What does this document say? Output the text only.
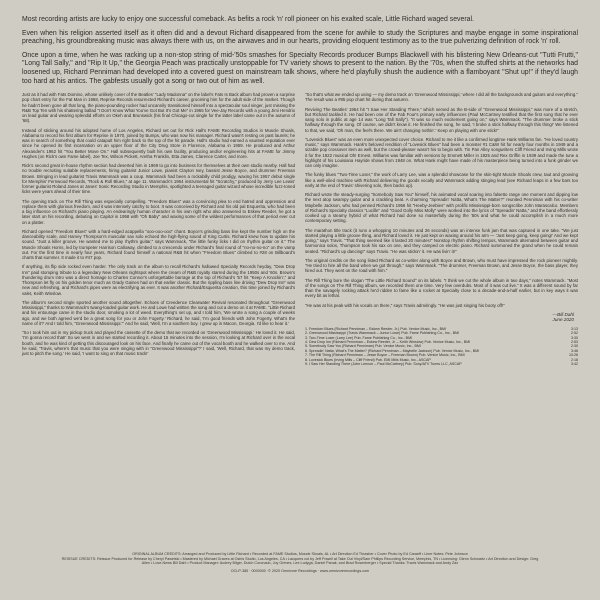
Most recording artists are lucky to enjoy one successful comeback. As befits a rock 'n' roll pioneer on his exalted scale, Little Richard waged several.

Even when his religion asserted itself as it often did and a devout Richard disappeared from the scene for awhile to study the Scriptures and maybe engage in some inspirational preaching, his groundbreaking music was always there with us, on the airwaves and in our hearts, providing eloquent testimony as to the true pulverizing definition of rock 'n' roll.

Once upon a time, when he was racking up a non-stop string of mid-'50s smashes for Specialty Records producer Bumps Blackwell with his blistering New Orleans-cut "Tutti Frutti," "Long Tall Sally," and "Rip It Up," the Georgia Peach was practically unstoppable for TV variety shows to present to the nation. By the '70s, when the stuffed shirts at the networks had loosened up, Richard Penniman had developed into a covered guest on mainstream talk shows, where he'd playfully shush the audience with a flamboyant "Shut up!" if they'd laugh too hard at his antics. The gabfests usually got a song or two out of him as well.

Just as it had with Fats Domino, whose unlikely cover of the Beatles' "Lady Madonna" on the label's Fats Is Back album had proven a surprise pop chart entry for the Fat Man in 1968, Reprise Records resurrected Richard's career, grooming him for the adult side of the market. Though he hadn't been gone all that long, the piano-pounding rocker had uncannily transitioned himself into a spectacular soul singer, just missing the R&B Top Ten with his shattering ballad "I Don't Know What You've Got But It's Got Me" in 1965 for Vee-Jay Records with a young Jimi Hendrix on lead guitar and wearing splendid efforts on Okeh and Brunswick (his final Chicago-cut single for the latter label came out in the autumn of '68).

Instead of sticking around his adopted home of Los Angeles, Richard set out for Rick Hall's FAME Recording Studios in Muscle Shoals, Alabama to record his first album for Reprise in 1970, joined by Bumps, who was now his manager. Richard wasn't resting on past laurels; he was in search of something that could catapult him right back to the top of the hit parade. Hall's studio had earned a vaunted reputation ever since he opened its first incarnation on an upper floor of the City Drug Store in Florence, Alabama in 1959. He produced and Arthur Alexander's 1962 hit "You Better Move On." Hall subsequently built his own facility, producing and/or engineering hits at FAME for Jimmy Hughes (on Rick's own Fame label), Joe Tex, Wilson Pickett, Aretha Franklin, Etta James, Clarence Carter, and more.

Rick's second great in-house rhythm section had deserted him in 1969 to go into business for themselves at their own studio nearby. Hall had no trouble recruiting suitable replacements, hiring guitarist Junior Lowe, pianist Clayton Ivey, bassist Jesse Boyce, and drummer Freeman Brown. Bringing in lead guitarist Travis Wammack was a coup. Wammack had been a rockabilly child prodigy, waxing his 1957 debut single for Memphis' Fernwood Records, "Rock & Roll Blues," at age 11. Wammack's 1964 instrumental hit "Scratchy," produced by Jerry Lee Lewis' former guitarist Roland Janes at Janes' Sonic Recording Studio in Memphis, spotlighted a teenaged guitar wizard whose incredible fuzz-toned licks were years ahead of their time.

The opening track on The Rill Thing was especially compelling. "Freedom Blues" was a convincing plea to end hatred and oppression and replace them with glorious freedom, and it was intensely catchy to boot. It was conceived by Richard and his old pal Esquerita, who had been a big influence on Richard's piano playing. An endearingly human character in his own right who also answered to Eskew Reeder, he got a later start on his recording, debuting on Capitol in 1958 with "Oh Baby" and waxing some of the wildest performances of that period ever cut on a platter.

Richard opened "Freedom Blues" with a hard-edged acappella "ooo-ooo-ooo" chant. Boyce's grinding bass line kept the number high on the danceability scale, and Harvey Thompson's muscular sax solo echoed the high-flying sound of King Curtis. Richard knew how to update his sound. "Just a killer groove. He wanted me to play rhythm guitar," says Wammack, "the little funky licks I did on rhythm guitar on it." The Muscle Shoals Horns, led by trumpeter Harrison Calloway, climbed to a crescendo under Richard's final round of "no-no-no-no" on the vamp out. For the first time in nearly four years, Richard found himself a national R&B hit when "Freedom Blues" climbed to #28 on Billboard's charts that summer. It made it to #47 pop.

If anything, its flip side rocked even harder. The only track on the album to recall Richard's hallowed Specialty Records heyday, "Dew Drop Inn" paid stomping tribute to a legendary New Orleans nightspot where the cream of R&B royalty starred during the 1950s and '60s. Brown's thundering drum intro was a direct homage to Charles Connor's unforgettable barrage at the top of Richard's '57 hit "Keep A Knockin'," and Thompson let fly on his golden tenor much as Grady Gaines had on that earlier classic. But the rippling bass line driving "Dew Drop Inn" was new and refreshing, and Richard's pipes were as electrifying as ever. It was another Richard/Esquerita creation, this time joined by Richard's valet, Keith Winslow.

The album's second single sported another sound altogether. Echoes of Creedence Clearwater Revival resonated throughout "Greenwood Mississippi," thanks to Wammack's twang-loaded guitar work. He and Lowe had written the song and cut a demo on it at FAME. "Little Richard and his entourage came in the studio door, smoking a lot of weed. Everything's set up, and I told him, 'We wrote a song a couple of weeks ago, and we both agreed we'd be a great song for you or John Fogerty.' Richard, he said, 'I'm good friends with John Fogerty. What's the name of it?' And I told him, "Greenwood Mississippi."' And he said, 'Well, I'm a southern boy. I grew up in Macon, Georgia. I'd like to hear it.'

"So I took him out in my pickup truck and played the cassette of the demo that we recorded on 'Greenwood Mississippi.' He loved it. He said, 'I'm gonna record that!' So we went in and we started recording it. About 15 minutes into the session, I'm looking at Richard over in the vocal booth, and he was kind of getting this discouraged look on his face. And finally he came out of the vocal booth and he walked over to me. And he said, 'Travis, where's that music that you were singing with in "Greenwood Mississippi"?' I said, 'Well, Richard, that was my demo track, just to pitch the song.' He said, 'I want to sing on that music track!'

"So that's what we ended up using — my demo track on 'Greenwood Mississippi,' where I did all the backgrounds and guitars and everything." The result was a #85 pop chart hit during that autumn.

Reviving The Beatles' 1964 hit "I Saw Her Standing There," which served as the B-side of "Greenwood Mississippi," was more of a stretch, but Richard tackled it. He had been one of the Fab Four's primary early influences (Paul McCartney testified that the first song that he ever sang solo in public at age 14 was "Long Tall Sally"). "It was so much excitement going on," says Wammack. "The drummer broke a stick halfway through the song. Of course, we didn't know it. He finished the song, he said, 'I broke a stick halfway through this thing!' We listened to that, we said, 'Oh man, the feel's there. We ain't changing nothin'.' Keep on playing with one stick!"

"Lovesick Blues" was an even more unexpected cover choice. Richard to me it like a confirmed longtime Hank Williams fan. "He loved country music," says Wammack. Hank's beloved rendition of "Lovesick Blues" had been a monster #1 C&W hit for nearly four months in 1949 and a sizable pop crossover item as well, but the crowd-pleaser wasn't his to begin with. Tin Pan Alley songwriters Cliff Friend and Irving Mills wrote it for the 1922 musical Oh! Ernest. Williams was familiar with versions by Emmett Miller in 1925 and Rex Griffin in 1939 and made the tune a highlight of his Louisiana Hayride shows from 1948 on. What Hank might have made of his masterpiece being turned into a funk grinder we can only imagine.

The funky blues "Two-Time Loser," the work of Larry Lee, was a splendid showcase for the skin-tight Muscle Shoals crew, taut and grooving like a well-oiled machine with Richard delivering the goods vocally and Wammack adding stinging lead (see Richard leaps in a few bars too early at the end of Travis' shivering solo, then backs up).

Richard wrote the steady-surging "Somebody Saw You" himself, his animated vocal soaring into falsetto range one moment and dipping low the next atop swampy guitar and a crackling beat. A charming "Spreadin' Natta, What's The Matter?" reunited Penniman with his co-writer Maybelle Jackson, who had penned Richard's 1956 hit "Heeby-Jeebies" with prolific Mississippi-born songscribe John Marascalco. Members of Richard's Specialty classics "Lucille" and "Good Golly Miss Molly" were worked into the lyrics of "Spreadin' Natta," and the band effortlessly cooked up a steamy hybrid of what Richard had done so masterfully during the '50s and what he could accomplish in a much more contemporary setting.

The marathon title track (it runs a whopping 10 minutes and 26 seconds) was an intense funk jam that was captured in one take. "We just started playing a little groove thing, and Richard loved it. He just kept on waxing around his arm — 'Just keep going, keep going!' And we kept going," says Travis. "That thing seemed like it lasted 20 minutes!" Nonstop rhythm shifting tempos, Wammack alternated between guitar and harmonica solos, Thompson took his sax on one, and they camped on electric piano. Richard summoned the grand when he could remain seated. "Richard's up dancing!" says Travis. "He was stickin' it. He was livin' it!"

The original credits on the song listed Richard as co-writer along with Boyce and Brown, who must have impressed the rock pioneer mightily. "He tried to hire all the band when we got through," says Wammack. "The drummer, Freeman Brown, and Jesse Boyce, the bass player, they hired out. They went on the road with him."

The Rill Thing bore the slogan "The Little Richard Sound" on its labels. "I think we cut the whole album in two days," notes Wammack. "Most of the songs on The Rill Thing album, we recorded them one time. Very few overdubs. Most of it was cut live." It was a different sound by far than the savagely rocking attack he'd ridden to fame like a rocket at Specialty close to a decade-and-a-half earlier, but in key ways it was every bit as lethal.

"He was at his peak with his vocals on there," says Travis admiringly. "He was just singing his booty off!"

—Bill Dahl
June 2020
1. Freedom Blues (Richard Penniman – Eskew Reeder, Jr.) Pub. Venice Music, Inc., BMI
2. Greenwood Mississippi (Travis Wammack – Junior Lowe) Pub. Fame Publishing Co., Inc., BMI
3. Two-Time Loser (Larry Lee) Pub. Fame Publishing Co., Inc., BMI
4. Dew Drop Inn (Richard Penniman – Eskew Reeder, Jr. – Keith Winslow) Pub. Venice Music, Inc., BMI
5. Somebody Saw You (Richard Penniman) Pub. Venice Music, Inc., BMI
6. Spreadin' Natta, What's The Matter? (Richard Penniman – Maybelle Jackson) Pub. Venice Music, Inc., BMI
7. The Rill Thing (Richard Penniman – Jesse Boyce – Freeman Brown) Pub. Venice Music, Inc., BMI
8. Lovesick Blues (Irving Mills – Cliff Friend) Pub. EMI Mills Music, Inc., ASCAP
9. I Saw Her Standing There (John Lennon – Paul McCartney) Pub. Sony/ATV Tunes LLC, ASCAP
3:13
2:52
3:30
2:53
2:30
3:46
10:26
2:18
3:42
ORIGINAL ALBUM CREDITS: Arranged and Produced by Little Richard • Recorded at FAME Studios, Muscle Shoals, AL • Art Direction Ed Thrasher • Cover Photo by Ed Caraeff • Liner Notes: Pete Johnson
REISSUE CREDITS: Reissue Produced for Release by Cheryl Pawelski • Mastered by Michael Graves at Osiris Studio, Los Angeles, CA • Lacquers cut by Jeff Powell at Take Out Vinyl/Sam Phillips Recording Service, Memphis, TN • Licensing: Glenn Schwartz • Art Direction and Design: Greg
Allen • Love-News Bill Dahl • Product Manager: Audrey Bilger, Dutch Coronado, Joy Grimes, Lee Lodyga, Daniel Panak, and Brad Rosenberger • Special Thanks: Travis Wammack and Andy Zax
OCLP-385 · 0000000 ·© 2020 Omnivore Recordings · www.omnivorerecordings.com
